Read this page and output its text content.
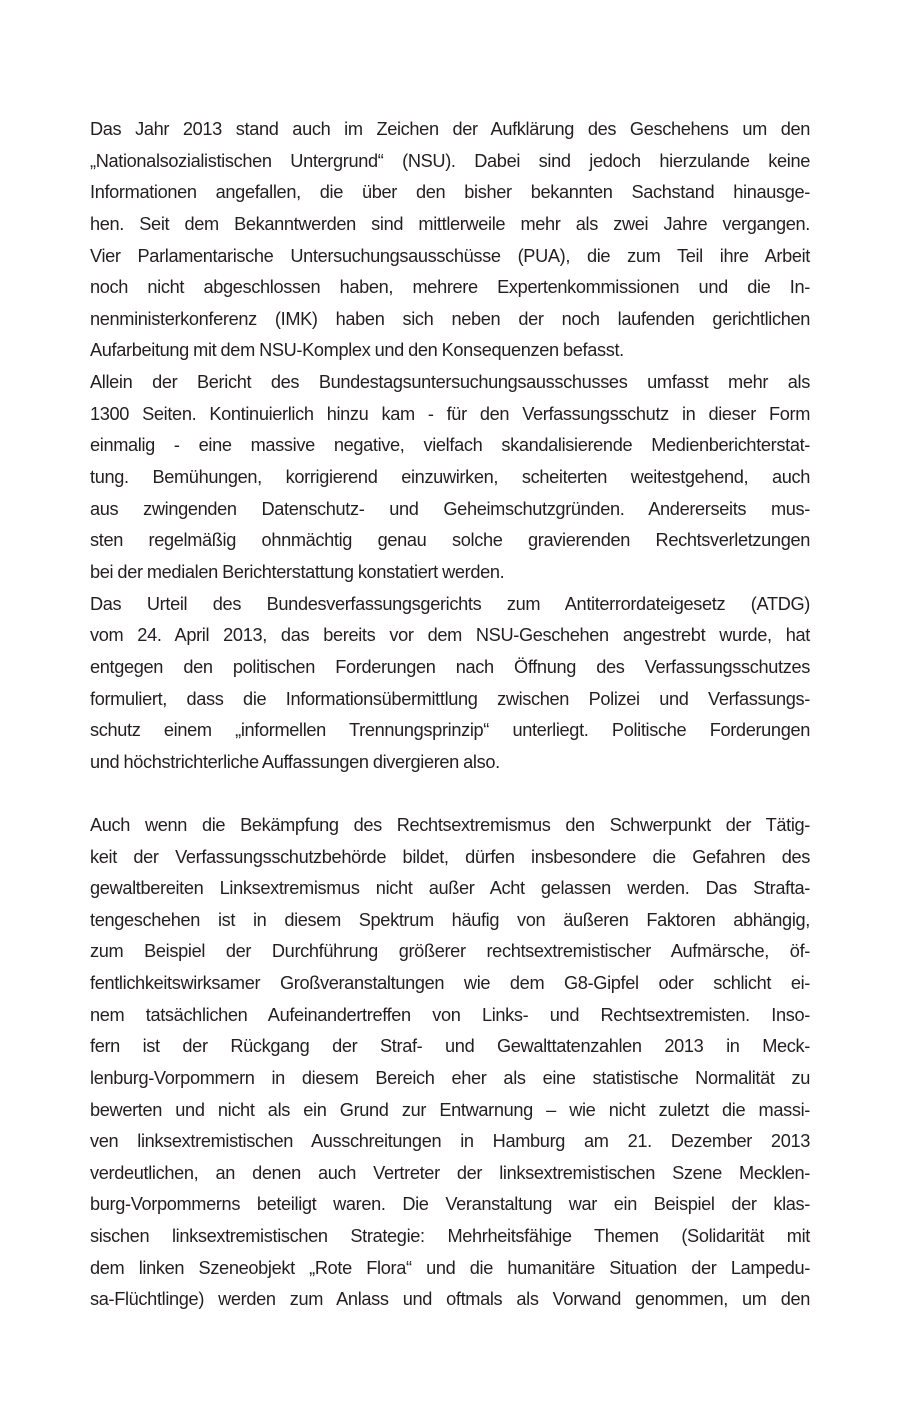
Das Jahr 2013 stand auch im Zeichen der Aufklärung des Geschehens um den
„Nationalsozialistischen Untergrund“ (NSU). Dabei sind jedoch hierzulande keine
Informationen angefallen, die über den bisher bekannten Sachstand hinausge-
hen. Seit dem Bekanntwerden sind mittlerweile mehr als zwei Jahre vergangen.
Vier Parlamentarische Untersuchungsausschüsse (PUA), die zum Teil ihre Arbeit
noch nicht abgeschlossen haben, mehrere Expertenkommissionen und die In-
nenministerkonferenz (IMK) haben sich neben der noch laufenden gerichtlichen
Aufarbeitung mit dem NSU-Komplex und den Konsequenzen befasst.
Allein der Bericht des Bundestagsuntersuchungsausschusses umfasst mehr als
1300 Seiten. Kontinuierlich hinzu kam - für den Verfassungsschutz in dieser Form
einmalig - eine massive negative, vielfach skandalisierende Medienberichterstat-
tung. Bemühungen, korrigierend einzuwirken, scheiterten weitestgehend, auch
aus zwingenden Datenschutz- und Geheimschutzgründen. Andererseits mus-
sten regelmäßig ohnmächtig genau solche gravierenden Rechtsverletzungen
bei der medialen Berichterstattung konstatiert werden.
Das Urteil des Bundesverfassungsgerichts zum Antiterrordateigesetz (ATDG)
vom 24. April 2013, das bereits vor dem NSU-Geschehen angestrebt wurde, hat
entgegen den politischen Forderungen nach Öffnung des Verfassungsschutzes
formuliert, dass die Informationsübermittlung zwischen Polizei und Verfassungs-
schutz einem „informellen Trennungsprinzip“ unterliegt. Politische Forderungen
und höchstrichterliche Auffassungen divergieren also.
Auch wenn die Bekämpfung des Rechtsextremismus den Schwerpunkt der Tätig-
keit der Verfassungsschutzbehörde bildet, dürfen insbesondere die Gefahren des
gewaltbereiten Linksextremismus nicht außer Acht gelassen werden. Das Strafta-
tengeschehen ist in diesem Spektrum häufig von äußeren Faktoren abhängig,
zum Beispiel der Durchführung größerer rechtsextremistischer Aufmärsche, öf-
fentlichkeitswirksamer Großveranstaltungen wie dem G8-Gipfel oder schlicht ei-
nem tatsächlichen Aufeinandertreffen von Links- und Rechtsextremisten. Inso-
fern ist der Rückgang der Straf- und Gewalttatenzahlen 2013 in Meck-
lenburg-Vorpommern in diesem Bereich eher als eine statistische Normalität zu
bewerten und nicht als ein Grund zur Entwarnung – wie nicht zuletzt die massi-
ven linksextremistischen Ausschreitungen in Hamburg am 21. Dezember 2013
verdeutlichen, an denen auch Vertreter der linksextremistischen Szene Mecklen-
burg-Vorpommerns beteiligt waren. Die Veranstaltung war ein Beispiel der klas-
sischen linksextremistischen Strategie: Mehrheitsfähige Themen (Solidarität mit
dem linken Szeneobjekt „Rote Flora“ und die humanitäre Situation der Lampedu-
sa-Flüchtlinge) werden zum Anlass und oftmals als Vorwand genommen, um den
